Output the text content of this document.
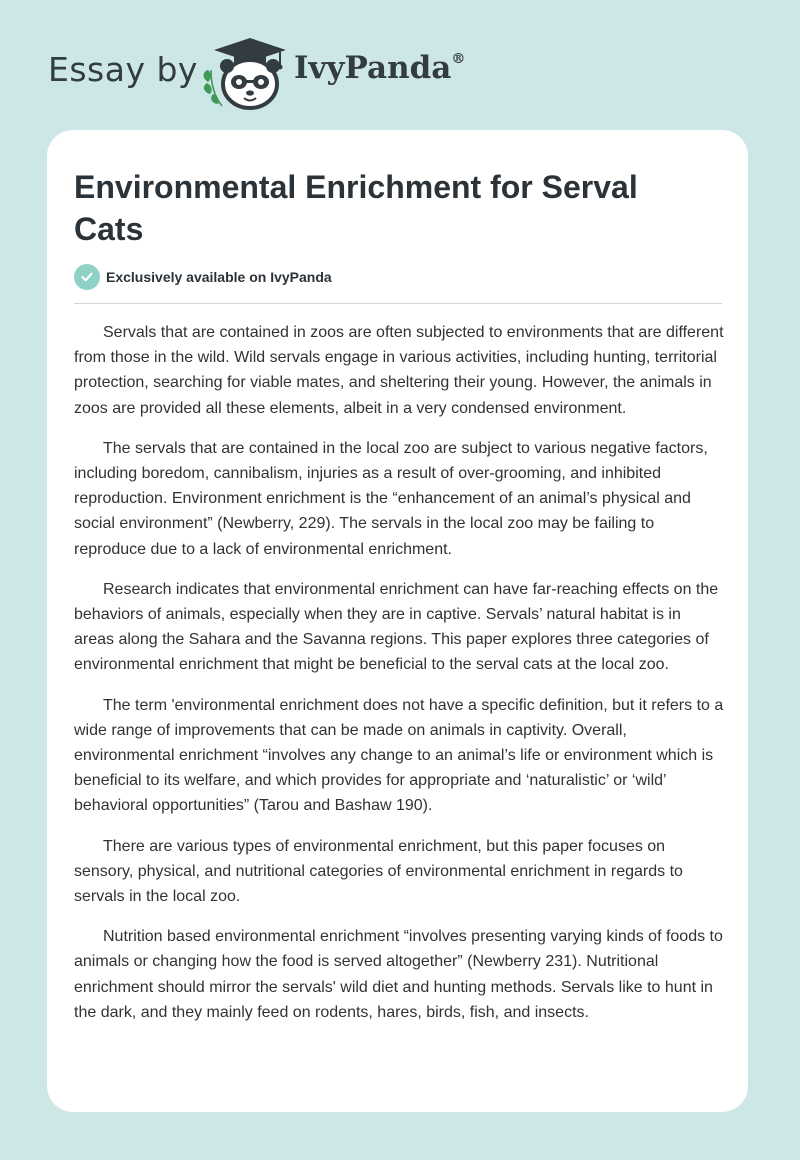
Essay by	IvyPanda®
Environmental Enrichment for Serval Cats
Exclusively available on IvyPanda

Servals that are contained in zoos are often subjected to environments that are different from those in the wild. Wild servals engage in various activities, including hunting, territorial protection, searching for viable mates, and sheltering their young. However, the animals in zoos are provided all these elements, albeit in a very condensed environment.

The servals that are contained in the local zoo are subject to various negative factors, including boredom, cannibalism, injuries as a result of over-grooming, and inhibited reproduction. Environment enrichment is the “enhancement of an animal’s physical and social environment” (Newberry, 229). The servals in the local zoo may be failing to reproduce due to a lack of environmental enrichment.

Research indicates that environmental enrichment can have far-reaching effects on the behaviors of animals, especially when they are in captive. Servals’ natural habitat is in areas along the Sahara and the Savanna regions. This paper explores three categories of environmental enrichment that might be beneficial to the serval cats at the local zoo.

The term 'environmental enrichment does not have a specific definition, but it refers to a wide range of improvements that can be made on animals in captivity. Overall, environmental enrichment “involves any change to an animal’s life or environment which is beneficial to its welfare, and which provides for appropriate and ‘naturalistic’ or ‘wild’ behavioral opportunities” (Tarou and Bashaw 190).

There are various types of environmental enrichment, but this paper focuses on sensory, physical, and nutritional categories of environmental enrichment in regards to servals in the local zoo.

Nutrition based environmental enrichment “involves presenting varying kinds of foods to animals or changing how the food is served altogether” (Newberry 231). Nutritional enrichment should mirror the servals' wild diet and hunting methods. Servals like to hunt in the dark, and they mainly feed on rodents, hares, birds, fish, and insects.
